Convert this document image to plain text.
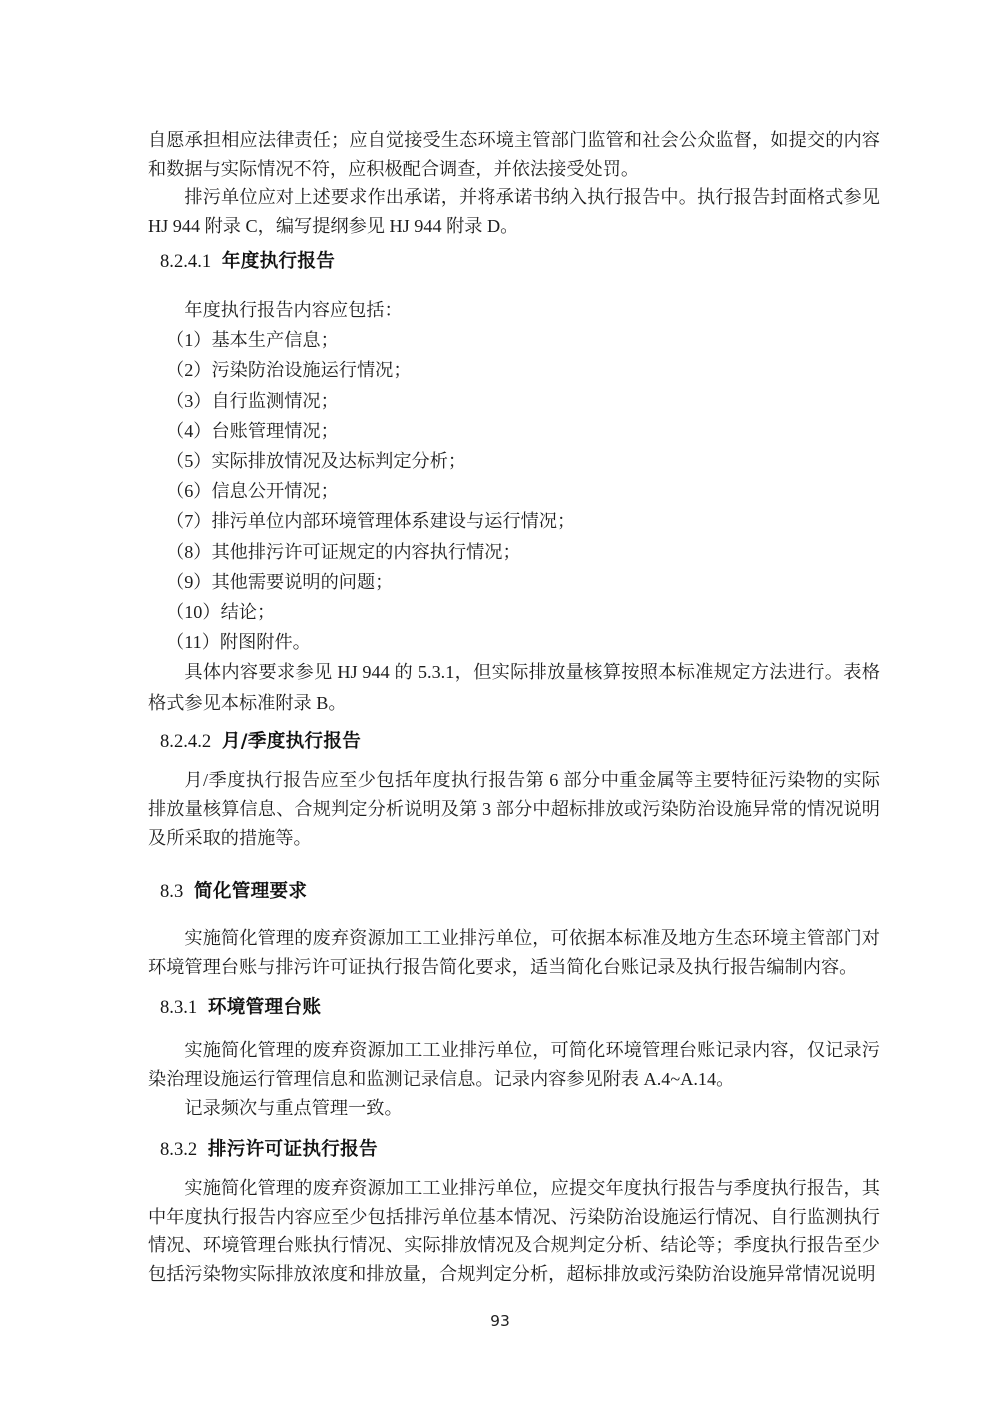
自愿承担相应法律责任；应自觉接受生态环境主管部门监管和社会公众监督，如提交的内容和数据与实际情况不符，应积极配合调查，并依法接受处罚。

排污单位应对上述要求作出承诺，并将承诺书纳入执行报告中。执行报告封面格式参见 HJ 944 附录 C，编写提纲参见 HJ 944 附录 D。

8.2.4.1 年度执行报告

年度执行报告内容应包括：

（1）基本生产信息；
（2）污染防治设施运行情况；
（3）自行监测情况；
（4）台账管理情况；
（5）实际排放情况及达标判定分析；
（6）信息公开情况；
（7）排污单位内部环境管理体系建设与运行情况；
（8）其他排污许可证规定的内容执行情况；
（9）其他需要说明的问题；
（10）结论；
（11）附图附件。

具体内容要求参见 HJ 944 的 5.3.1，但实际排放量核算按照本标准规定方法进行。表格格式参见本标准附录 B。

8.2.4.2 月/季度执行报告

月/季度执行报告应至少包括年度执行报告第 6 部分中重金属等主要特征污染物的实际排放量核算信息、合规判定分析说明及第 3 部分中超标排放或污染防治设施异常的情况说明及所采取的措施等。

8.3 简化管理要求

实施简化管理的废弃资源加工工业排污单位，可依据本标准及地方生态环境主管部门对环境管理台账与排污许可证执行报告简化要求，适当简化台账记录及执行报告编制内容。

8.3.1 环境管理台账

实施简化管理的废弃资源加工工业排污单位，可简化环境管理台账记录内容，仅记录污染治理设施运行管理信息和监测记录信息。记录内容参见附表 A.4~A.14。

记录频次与重点管理一致。

8.3.2 排污许可证执行报告

实施简化管理的废弃资源加工工业排污单位，应提交年度执行报告与季度执行报告，其中年度执行报告内容应至少包括排污单位基本情况、污染防治设施运行情况、自行监测执行情况、环境管理台账执行情况、实际排放情况及合规判定分析、结论等；季度执行报告至少包括污染物实际排放浓度和排放量，合规判定分析，超标排放或污染防治设施异常情况说明

93
